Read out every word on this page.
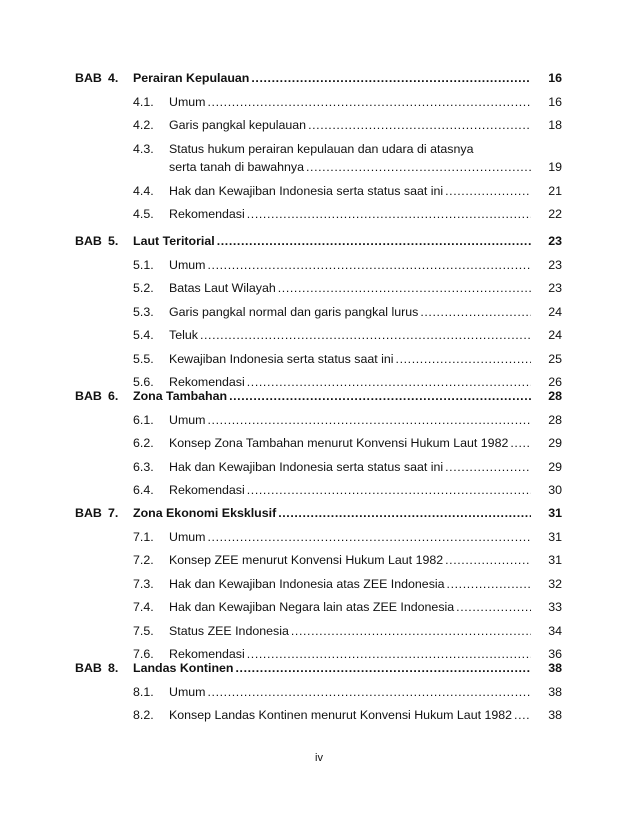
BAB 4. Perairan Kepulauan .....	16
4.1. Umum .....	16
4.2. Garis pangkal kepulauan .....	18
4.3. Status hukum perairan kepulauan dan udara di atasnya
serta tanah di bawahnya .....	19
4.4. Hak dan Kewajiban Indonesia serta status saat ini .....	21
4.5. Rekomendasi .....	22
BAB 5. Laut Teritorial .....	23
5.1. Umum .....	23
5.2. Batas Laut Wilayah .....	23
5.3. Garis pangkal normal dan garis pangkal lurus .....	24
5.4. Teluk .....	24
5.5. Kewajiban Indonesia serta status saat ini .....	25
5.6. Rekomendasi .....	26
BAB 6. Zona Tambahan .....	28
6.1. Umum .....	28
6.2. Konsep Zona Tambahan menurut Konvensi Hukum Laut 1982 .....	29
6.3. Hak dan Kewajiban Indonesia serta status saat ini .....	29
6.4. Rekomendasi .....	30
BAB 7. Zona Ekonomi Eksklusif .....	31
7.1. Umum .....	31
7.2. Konsep ZEE menurut Konvensi Hukum Laut 1982 .....	31
7.3. Hak dan Kewajiban Indonesia atas ZEE Indonesia .....	32
7.4. Hak dan Kewajiban Negara lain atas ZEE Indonesia .....	33
7.5. Status ZEE Indonesia .....	34
7.6. Rekomendasi .....	36
BAB 8. Landas Kontinen .....	38
8.1. Umum .....	38
8.2. Konsep Landas Kontinen menurut Konvensi Hukum Laut 1982 .....	38
iv
